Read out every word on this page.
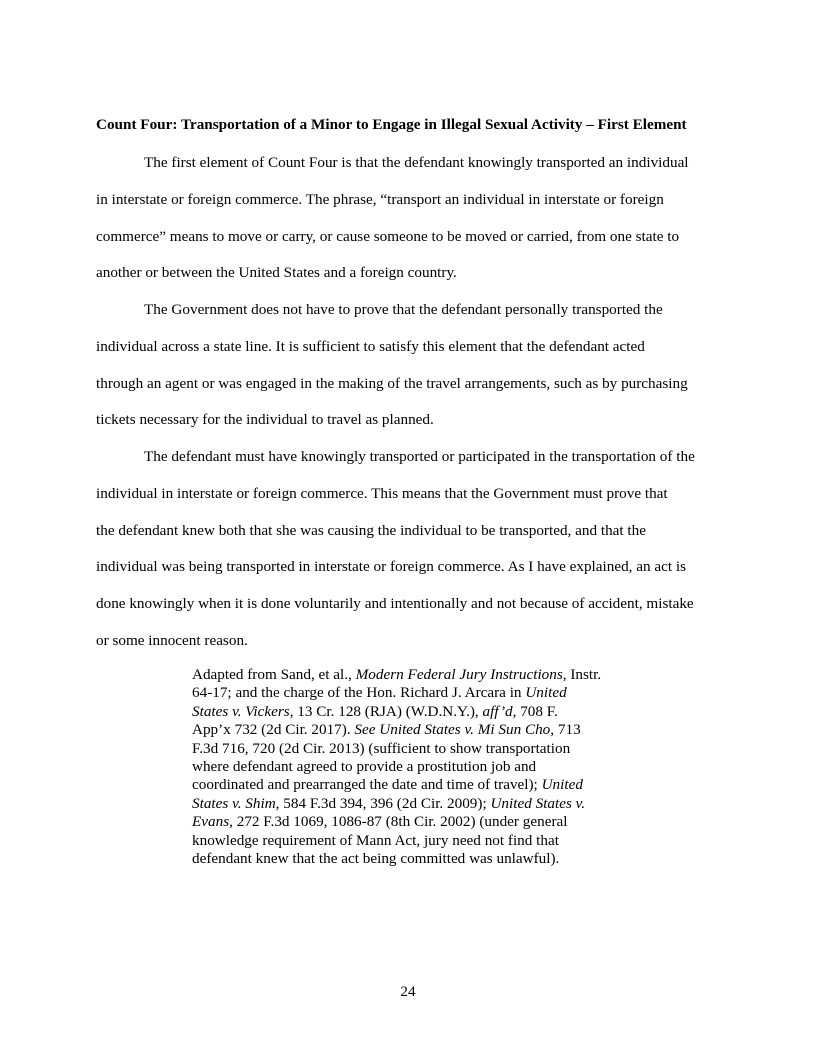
Count Four: Transportation of a Minor to Engage in Illegal Sexual Activity – First Element
The first element of Count Four is that the defendant knowingly transported an individual
in interstate or foreign commerce. The phrase, “transport an individual in interstate or foreign
commerce” means to move or carry, or cause someone to be moved or carried, from one state to
another or between the United States and a foreign country.
The Government does not have to prove that the defendant personally transported the
individual across a state line. It is sufficient to satisfy this element that the defendant acted
through an agent or was engaged in the making of the travel arrangements, such as by purchasing
tickets necessary for the individual to travel as planned.
The defendant must have knowingly transported or participated in the transportation of the
individual in interstate or foreign commerce. This means that the Government must prove that
the defendant knew both that she was causing the individual to be transported, and that the
individual was being transported in interstate or foreign commerce. As I have explained, an act is
done knowingly when it is done voluntarily and intentionally and not because of accident, mistake
or some innocent reason.
Adapted from Sand, et al., Modern Federal Jury Instructions, Instr.
64-17; and the charge of the Hon. Richard J. Arcara in United
States v. Vickers, 13 Cr. 128 (RJA) (W.D.N.Y.), aff’d, 708 F.
App’x 732 (2d Cir. 2017). See United States v. Mi Sun Cho, 713
F.3d 716, 720 (2d Cir. 2013) (sufficient to show transportation
where defendant agreed to provide a prostitution job and
coordinated and prearranged the date and time of travel); United
States v. Shim, 584 F.3d 394, 396 (2d Cir. 2009); United States v.
Evans, 272 F.3d 1069, 1086-87 (8th Cir. 2002) (under general
knowledge requirement of Mann Act, jury need not find that
defendant knew that the act being committed was unlawful).
24
